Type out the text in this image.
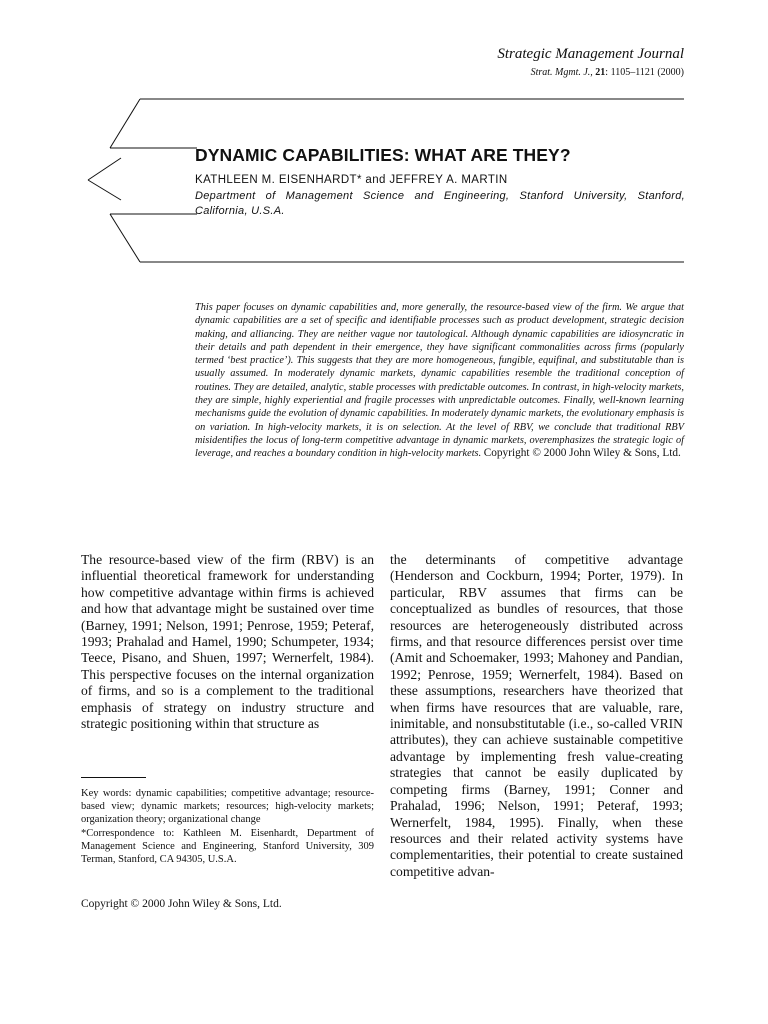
Strategic Management Journal
Strat. Mgmt. J., 21: 1105–1121 (2000)
DYNAMIC CAPABILITIES: WHAT ARE THEY?
KATHLEEN M. EISENHARDT* and JEFFREY A. MARTIN
Department of Management Science and Engineering, Stanford University, Stanford, California, U.S.A.
This paper focuses on dynamic capabilities and, more generally, the resource-based view of the firm. We argue that dynamic capabilities are a set of specific and identifiable processes such as product development, strategic decision making, and alliancing. They are neither vague nor tautological. Although dynamic capabilities are idiosyncratic in their details and path dependent in their emergence, they have significant commonalities across firms (popularly termed ‘best practice’). This suggests that they are more homogeneous, fungible, equifinal, and substitutable than is usually assumed. In moderately dynamic markets, dynamic capabilities resemble the traditional conception of routines. They are detailed, analytic, stable processes with predictable outcomes. In contrast, in high-velocity markets, they are simple, highly experiential and fragile processes with unpredictable outcomes. Finally, well-known learning mechanisms guide the evolution of dynamic capabilities. In moderately dynamic markets, the evolutionary emphasis is on variation. In high-velocity markets, it is on selection. At the level of RBV, we conclude that traditional RBV misidentifies the locus of long-term competitive advantage in dynamic markets, overemphasizes the strategic logic of leverage, and reaches a boundary condition in high-velocity markets. Copyright © 2000 John Wiley & Sons, Ltd.
The resource-based view of the firm (RBV) is an influential theoretical framework for understanding how competitive advantage within firms is achieved and how that advantage might be sustained over time (Barney, 1991; Nelson, 1991; Penrose, 1959; Peteraf, 1993; Prahalad and Hamel, 1990; Schumpeter, 1934; Teece, Pisano, and Shuen, 1997; Wernerfelt, 1984). This perspective focuses on the internal organization of firms, and so is a complement to the traditional emphasis of strategy on industry structure and strategic positioning within that structure as
the determinants of competitive advantage (Henderson and Cockburn, 1994; Porter, 1979). In particular, RBV assumes that firms can be conceptualized as bundles of resources, that those resources are heterogeneously distributed across firms, and that resource differences persist over time (Amit and Schoemaker, 1993; Mahoney and Pandian, 1992; Penrose, 1959; Wernerfelt, 1984). Based on these assumptions, researchers have theorized that when firms have resources that are valuable, rare, inimitable, and nonsubstitutable (i.e., so-called VRIN attributes), they can achieve sustainable competitive advantage by implementing fresh value-creating strategies that cannot be easily duplicated by competing firms (Barney, 1991; Conner and Prahalad, 1996; Nelson, 1991; Peteraf, 1993; Wernerfelt, 1984, 1995). Finally, when these resources and their related activity systems have complementarities, their potential to create sustained competitive advan-

Key words: dynamic capabilities; competitive advantage; resource-based view; dynamic markets; resources; high-velocity markets; organization theory; organizational change

*Correspondence to: Kathleen M. Eisenhardt, Department of Management Science and Engineering, Stanford University, 309 Terman, Stanford, CA 94305, U.S.A.

Copyright © 2000 John Wiley & Sons, Ltd.
